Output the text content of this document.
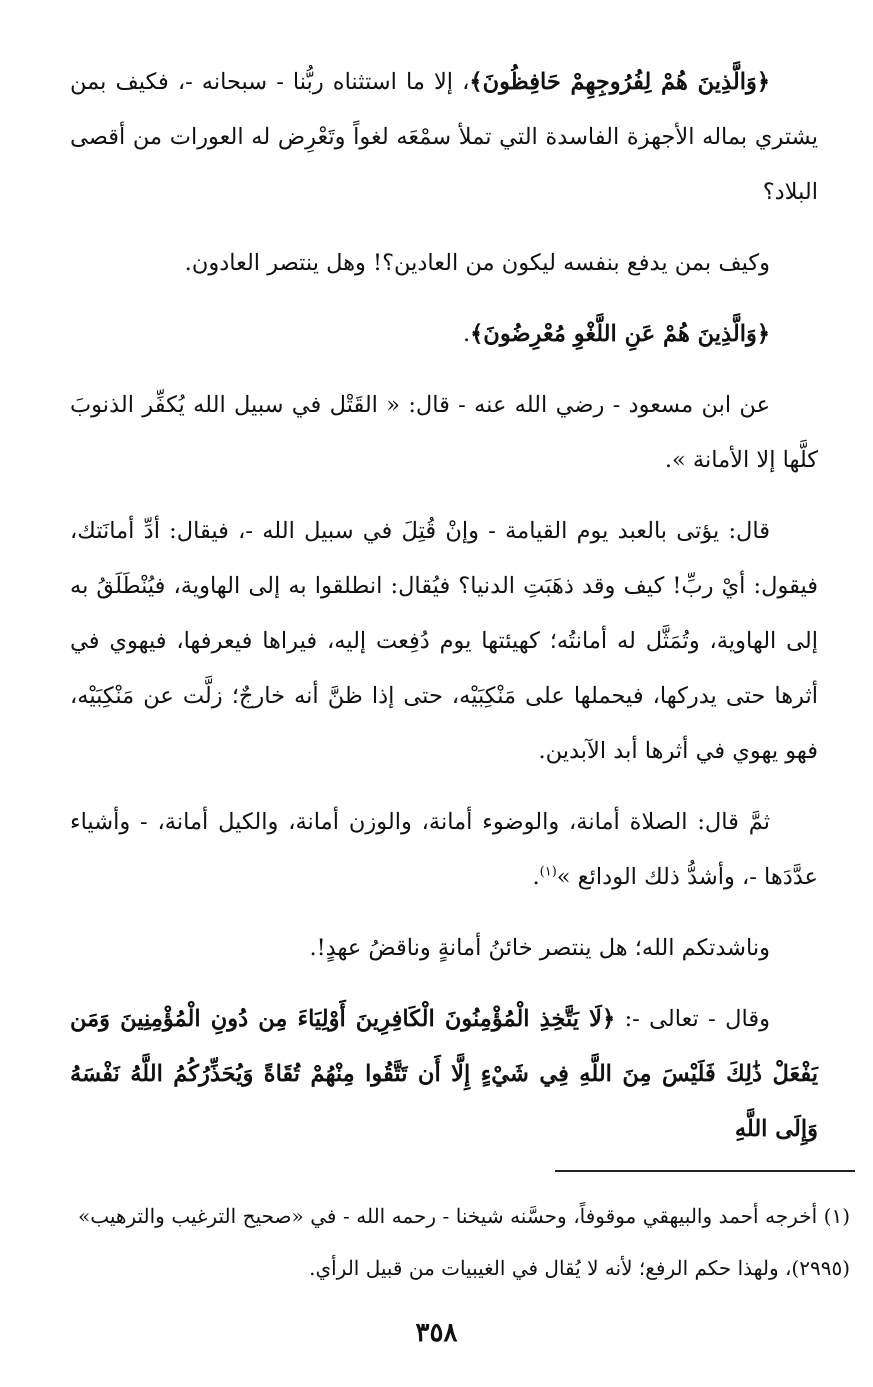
﴿وَالَّذِينَ هُمْ لِفُرُوجِهِمْ حَافِظُونَ﴾، إلا ما استثناه ربُّنا - سبحانه -، فكيف بمن يشتري بماله الأجهزة الفاسدة التي تملأ سمْعَه لغواً وتَعْرِض له العورات من أقصى البلاد؟

وكيف بمن يدفع بنفسه ليكون من العادين؟! وهل ينتصر العادون.

﴿وَالَّذِينَ هُمْ عَنِ اللَّغْوِ مُعْرِضُونَ﴾.

عن ابن مسعود - رضي الله عنه - قال: « القَتْل في سبيل الله يُكفِّر الذنوبَ كلَّها إلا الأمانة ».

قال: يؤتى بالعبد يوم القيامة - وإنْ قُتِلَ في سبيل الله -، فيقال: أدِّ أمانَتك، فيقول: أيْ ربِّ! كيف وقد ذهَبَتِ الدنيا؟ فيُقال: انطلقوا به إلى الهاوية، فيُنْطَلَقُ به إلى الهاوية، وتُمَثَّل له أمانتُه؛ كهيئتها يوم دُفِعت إليه، فيراها فيعرفها، فيهوي في أثرها حتى يدركها، فيحملها على مَنْكِبَيْه، حتى إذا ظنَّ أنه خارجٌ؛ زلَّت عن مَنْكِبَيْه، فهو يهوي في أثرها أبد الآبدين.

ثمَّ قال: الصلاة أمانة، والوضوء أمانة، والوزن أمانة، والكيل أمانة، - وأشياء عدَّدَها -، وأشدُّ ذلك الودائع »$^{(١)}$.

وناشدتكم الله؛ هل ينتصر خائنُ أمانةٍ وناقضُ عهدٍ!.

وقال - تعالى -: ﴿لَا يَتَّخِذِ الْمُؤْمِنُونَ الْكَافِرِينَ أَوْلِيَاءَ مِن دُونِ الْمُؤْمِنِينَ وَمَن يَفْعَلْ ذَٰلِكَ فَلَيْسَ مِنَ اللَّهِ فِي شَيْءٍ إِلَّا أَن تَتَّقُوا مِنْهُمْ تُقَاةً وَيُحَذِّرُكُمُ اللَّهُ نَفْسَهُ وَإِلَى اللَّهِ

(١) أخرجه أحمد والبيهقي موقوفاً، وحسَّنه شيخنا - رحمه الله - في «صحيح الترغيب والترهيب» (٢٩٩٥)، ولهذا حكم الرفع؛ لأنه لا يُقال في الغيبيات من قبيل الرأي.

٣٥٨
